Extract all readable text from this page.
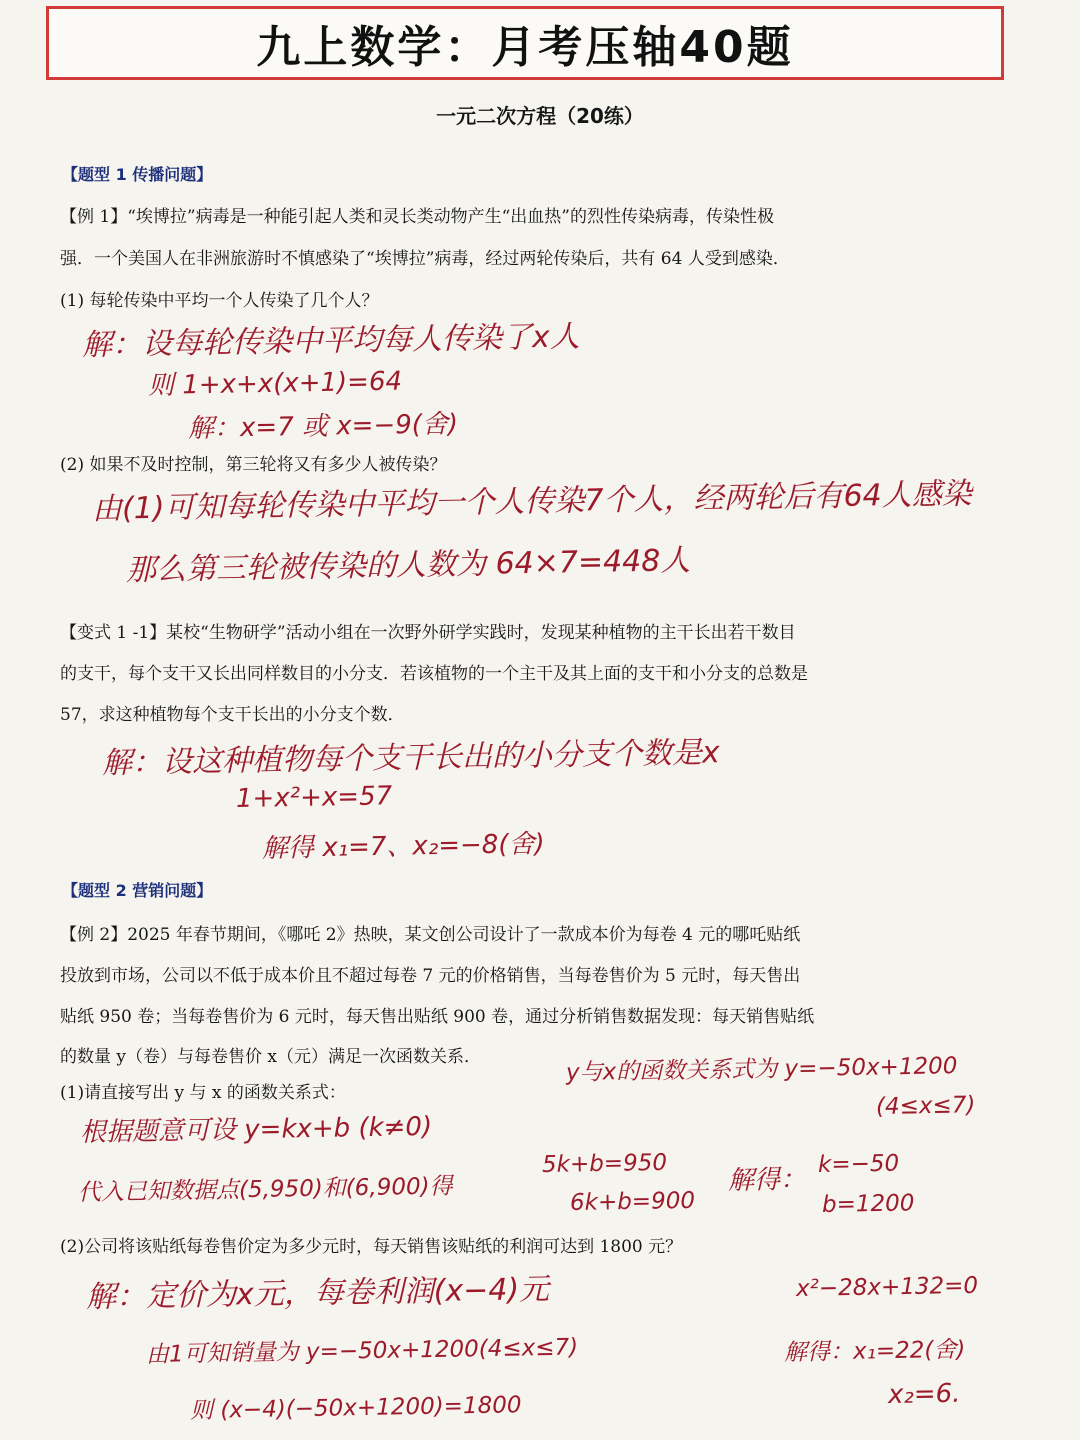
九上数学：月考压轴40题
一元二次方程（20练）
【题型 1 传播问题】
【例 1】“埃博拉”病毒是一种能引起人类和灵长类动物产生“出血热”的烈性传染病毒，传染性极
强．一个美国人在非洲旅游时不慎感染了“埃博拉”病毒，经过两轮传染后，共有 64 人受到感染．
(1) 每轮传染中平均一个人传染了几个人？
解：设每轮传染中平均每人传染了x人
则 1+x+x(x+1)=64
解：x=7 或 x=−9(舍)
(2) 如果不及时控制，第三轮将又有多少人被传染？
由(1)可知每轮传染中平均一个人传染7个人，经两轮后有64人感染
那么第三轮被传染的人数为 64×7=448人
【变式 1 -1】某校“生物研学”活动小组在一次野外研学实践时，发现某种植物的主干长出若干数目
的支干，每个支干又长出同样数目的小分支．若该植物的一个主干及其上面的支干和小分支的总数是
57，求这种植物每个支干长出的小分支个数．
解：设这种植物每个支干长出的小分支个数是x
1+x²+x=57
解得 x₁=7、x₂=−8(舍)
【题型 2 营销问题】
【例 2】2025 年春节期间，《哪吒 2》热映，某文创公司设计了一款成本价为每卷 4 元的哪吒贴纸
投放到市场，公司以不低于成本价且不超过每卷 7 元的价格销售，当每卷售价为 5 元时，每天售出
贴纸 950 卷；当每卷售价为 6 元时，每天售出贴纸 900 卷，通过分析销售数据发现：每天销售贴纸
的数量 y（卷）与每卷售价 x（元）满足一次函数关系．	y与x的函数关系式为 y=−50x+1200
(4≤x≤7)
(1)请直接写出 y 与 x 的函数关系式：
根据题意可设 y=kx+b (k≠0)
代入已知数据点(5,950)和(6,900)得
5k+b=950
6k+b=900
解得：
k=−50
b=1200
(2)公司将该贴纸每卷售价定为多少元时，每天销售该贴纸的利润可达到 1800 元？
解：定价为x元，每卷利润(x−4)元
由1可知销量为 y=−50x+1200(4≤x≤7)
则 (x−4)(−50x+1200)=1800
x²−28x+132=0
解得：x₁=22(舍)
x₂=6.
